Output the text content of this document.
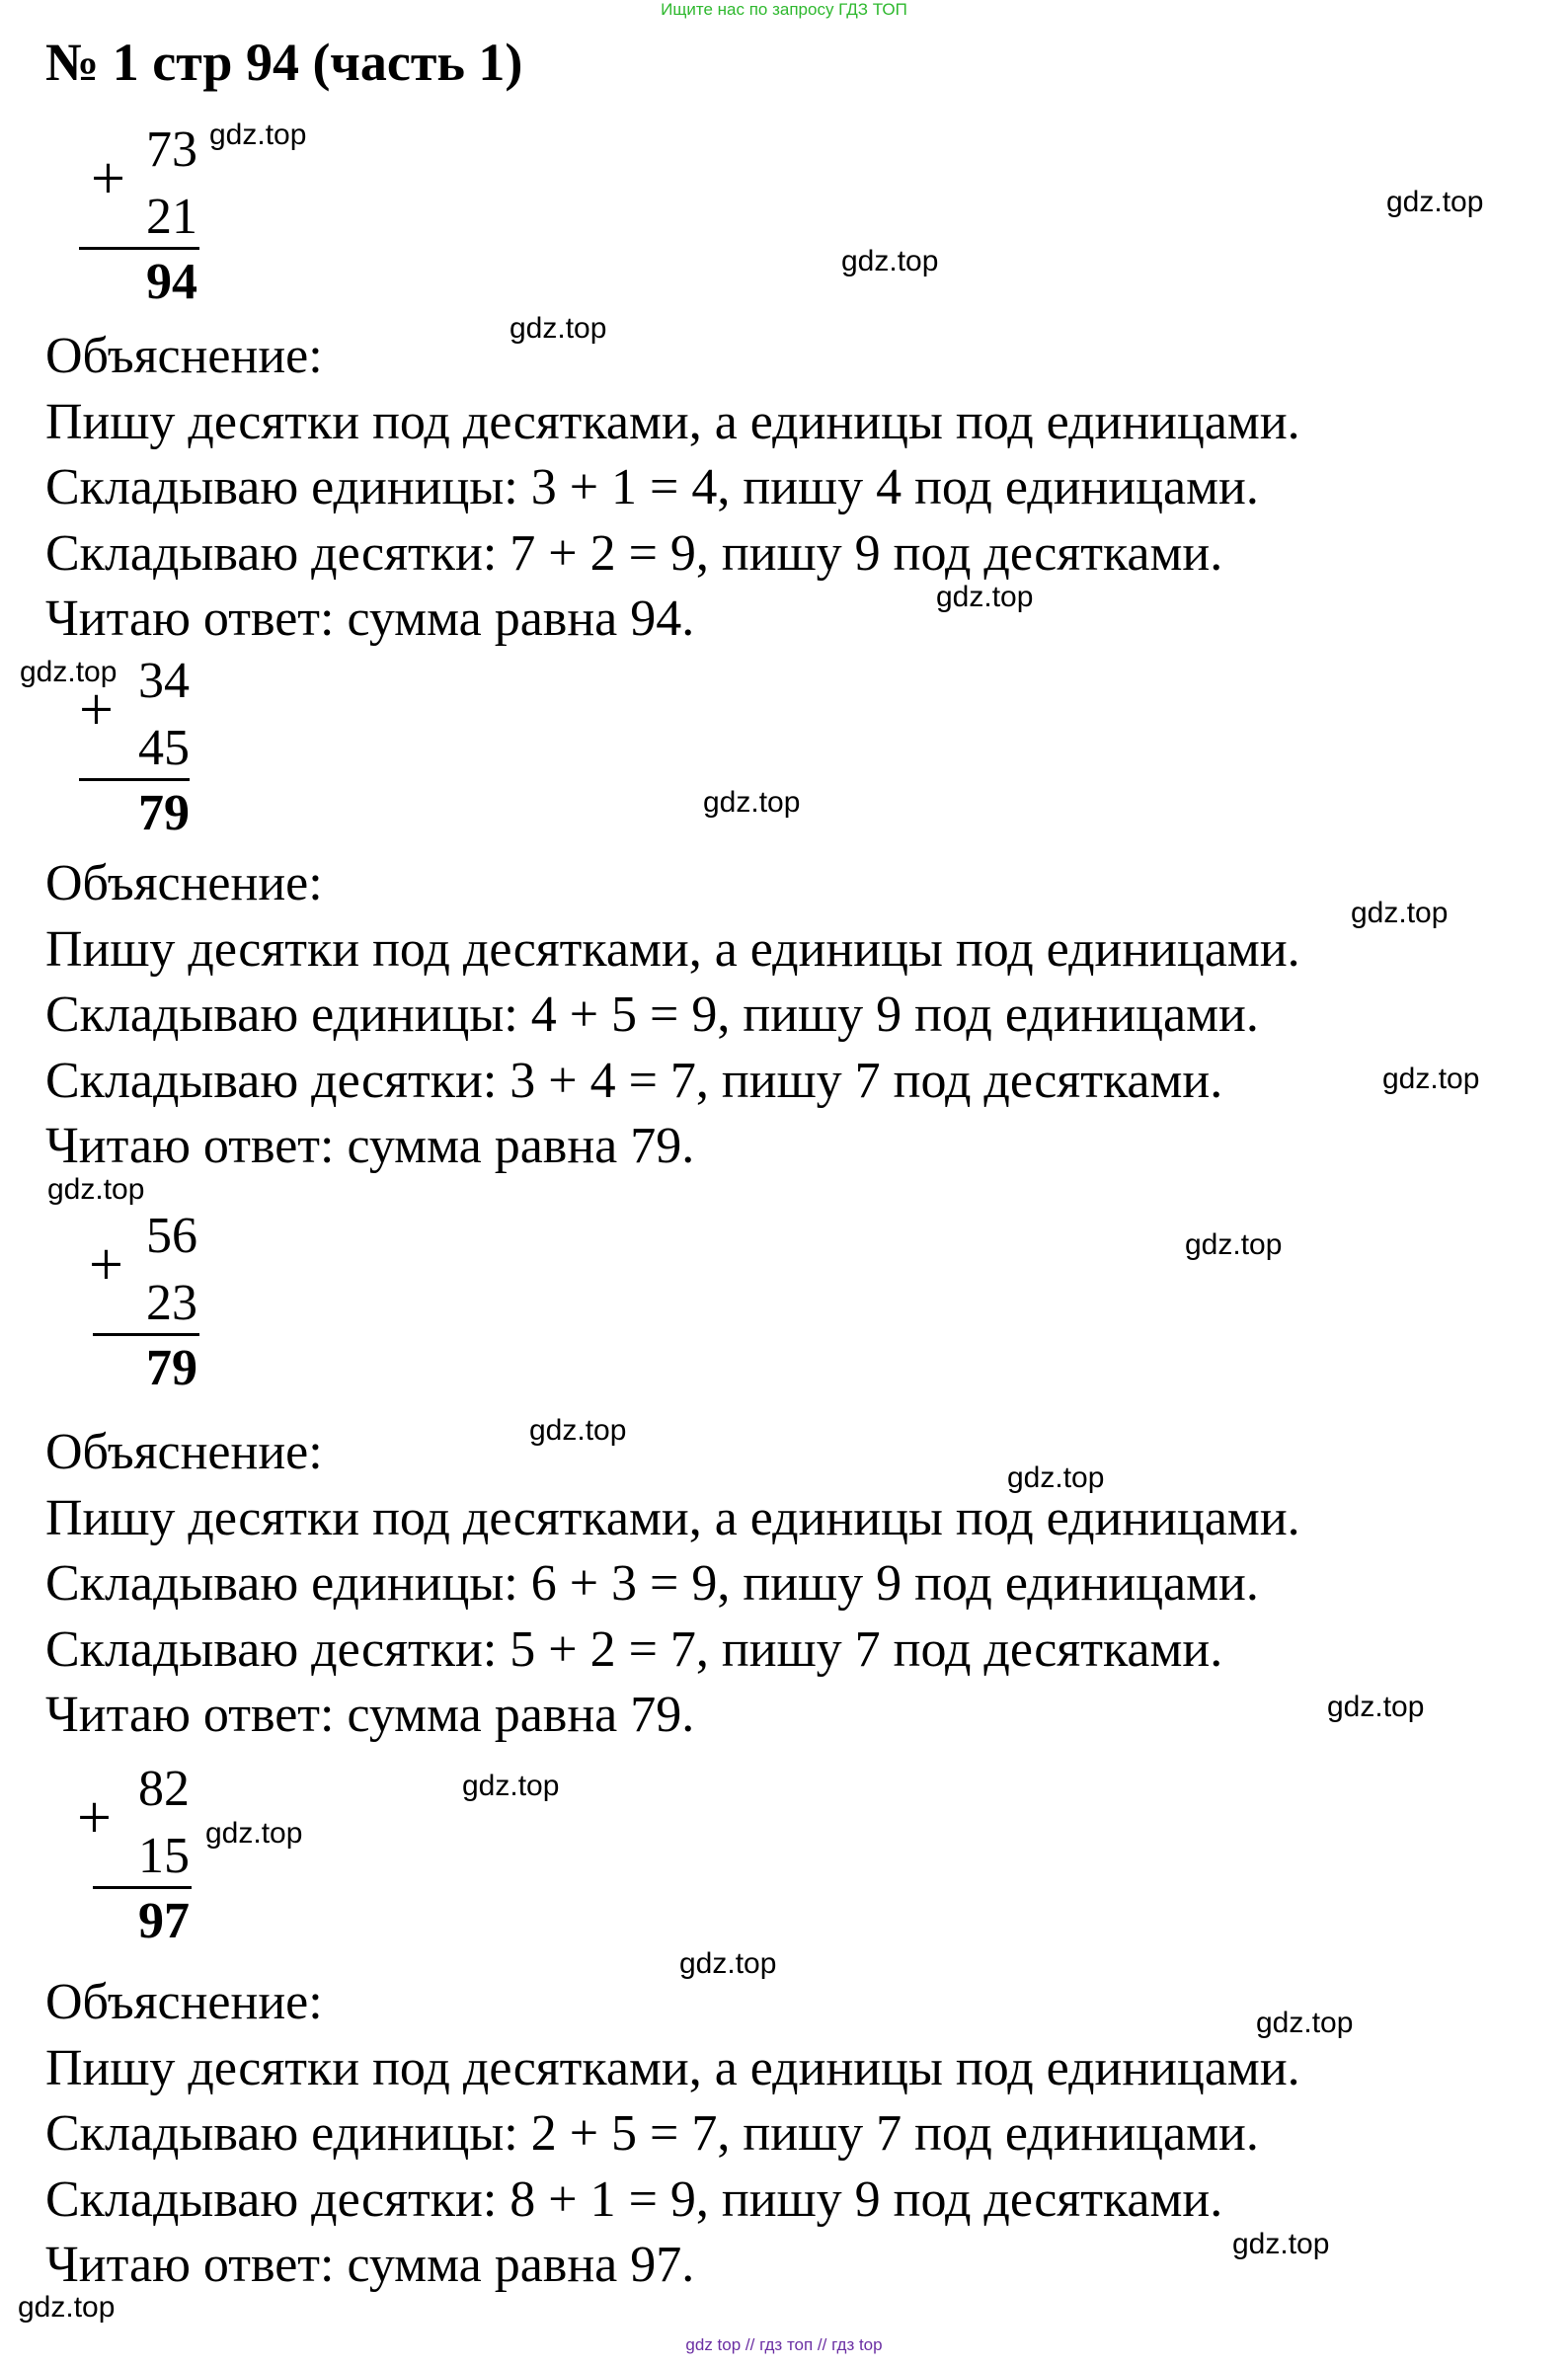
Ищите нас по запросу ГДЗ ТОП
№ 1 стр 94 (часть 1)
+ 73
21
94
Объяснение:
Пишу десятки под десятками, а единицы под единицами.
Складываю единицы: 3 + 1 = 4, пишу 4 под единицами.
Складываю десятки: 7 + 2 = 9, пишу 9 под десятками.
Читаю ответ: сумма равна 94.
+ 34
45
79
Объяснение:
Пишу десятки под десятками, а единицы под единицами.
Складываю единицы: 4 + 5 = 9, пишу 9 под единицами.
Складываю десятки: 3 + 4 = 7, пишу 7 под десятками.
Читаю ответ: сумма равна 79.
+ 56
23
79
Объяснение:
Пишу десятки под десятками, а единицы под единицами.
Складываю единицы: 6 + 3 = 9, пишу 9 под единицами.
Складываю десятки: 5 + 2 = 7, пишу 7 под десятками.
Читаю ответ: сумма равна 79.
+ 82
15
97
Объяснение:
Пишу десятки под десятками, а единицы под единицами.
Складываю единицы: 2 + 5 = 7, пишу 7 под единицами.
Складываю десятки: 8 + 1 = 9, пишу 9 под десятками.
Читаю ответ: сумма равна 97.
gdz.top
gdz.top
gdz.top
gdz.top
gdz.top
gdz.top
gdz.top
gdz.top
gdz.top
gdz.top
gdz.top
gdz.top
gdz.top
gdz.top
gdz.top
gdz.top
gdz.top
gdz.top
gdz.top
gdz.top
gdz top // гдз топ // гдз top
